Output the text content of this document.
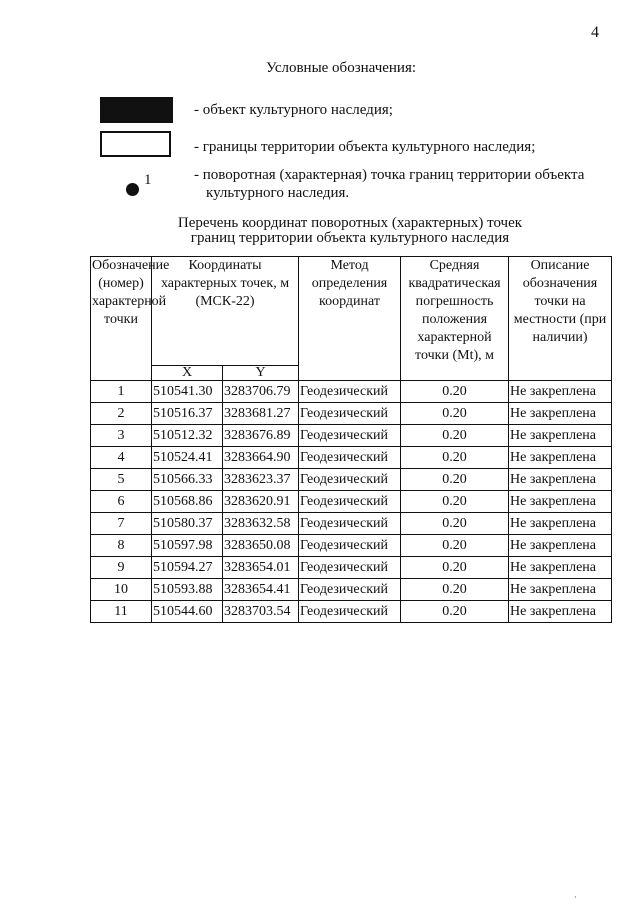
4
Условные обозначения:
- объект культурного наследия;
- границы территории объекта культурного наследия;
1	- поворотная (характерная) точка границ территории объекта
культурного наследия.
Перечень координат поворотных (характерных) точек
границ территории объекта культурного наследия
Обозначение (номер) характерной точки	Координаты характерных точек, м (МСК-22)		Метод определения координат	Средняя квадратическая погрешность положения характерной точки (Mt), м	Описание обозначения точки на местности (при наличии)
	X	Y			
1	510541.30	3283706.79	Геодезический	0.20	Не закреплена
2	510516.37	3283681.27	Геодезический	0.20	Не закреплена
3	510512.32	3283676.89	Геодезический	0.20	Не закреплена
4	510524.41	3283664.90	Геодезический	0.20	Не закреплена
5	510566.33	3283623.37	Геодезический	0.20	Не закреплена
6	510568.86	3283620.91	Геодезический	0.20	Не закреплена
7	510580.37	3283632.58	Геодезический	0.20	Не закреплена
8	510597.98	3283650.08	Геодезический	0.20	Не закреплена
9	510594.27	3283654.01	Геодезический	0.20	Не закреплена
10	510593.88	3283654.41	Геодезический	0.20	Не закреплена
11	510544.60	3283703.54	Геодезический	0.20	Не закреплена
·
